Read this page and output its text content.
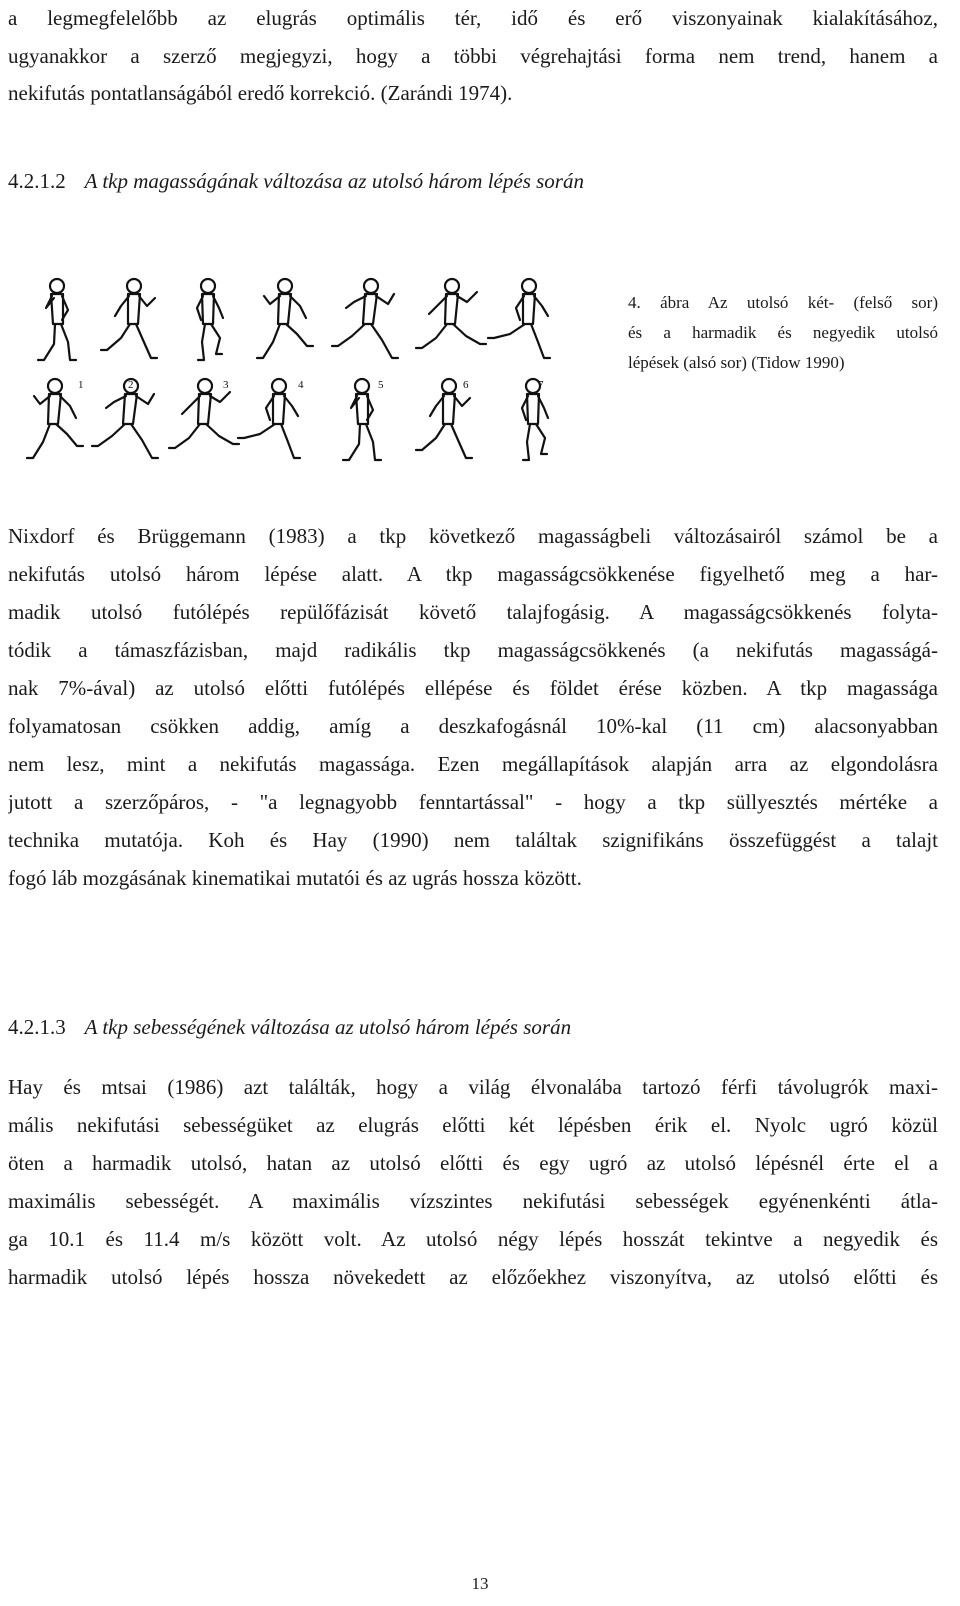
a legmegfelelőbb az elugrás optimális tér, idő és erő viszonyainak kialakításához,
ugyanakkor a szerző megjegyzi, hogy a többi végrehajtási forma nem trend, hanem a
nekifutás pontatlanságából eredő korrekció. (Zarándi 1974).
4.2.1.2 A tkp magasságának változása az utolsó három lépés során
1	2	3	4	5	6	7
4. ábra Az utolsó két- (felső sor)
és a harmadik és negyedik utolsó
lépések (alsó sor) (Tidow 1990)
Nixdorf és Brüggemann (1983) a tkp következő magasságbeli változásairól számol be a
nekifutás utolsó három lépése alatt. A tkp magasságcsökkenése figyelhető meg a har-
madik utolsó futólépés repülőfázisát követő talajfogásig. A magasságcsökkenés folyta-
tódik a támaszfázisban, majd radikális tkp magasságcsökkenés (a nekifutás magasságá-
nak 7%-ával) az utolsó előtti futólépés ellépése és földet érése közben. A tkp magassága
folyamatosan csökken addig, amíg a deszkafogásnál 10%-kal (11 cm) alacsonyabban
nem lesz, mint a nekifutás magassága. Ezen megállapítások alapján arra az elgondolásra
jutott a szerzőpáros, - "a legnagyobb fenntartással" - hogy a tkp süllyesztés mértéke a
technika mutatója. Koh és Hay (1990) nem találtak szignifikáns összefüggést a talajt
fogó láb mozgásának kinematikai mutatói és az ugrás hossza között.
4.2.1.3 A tkp sebességének változása az utolsó három lépés során
Hay és mtsai (1986) azt találták, hogy a világ élvonalába tartozó férfi távolugrók maxi-
mális nekifutási sebességüket az elugrás előtti két lépésben érik el. Nyolc ugró közül
öten a harmadik utolsó, hatan az utolsó előtti és egy ugró az utolsó lépésnél érte el a
maximális sebességét. A maximális vízszintes nekifutási sebességek egyénenkénti átla-
ga 10.1 és 11.4 m/s között volt. Az utolsó négy lépés hosszát tekintve a negyedik és
harmadik utolsó lépés hossza növekedett az előzőekhez viszonyítva, az utolsó előtti és
13
